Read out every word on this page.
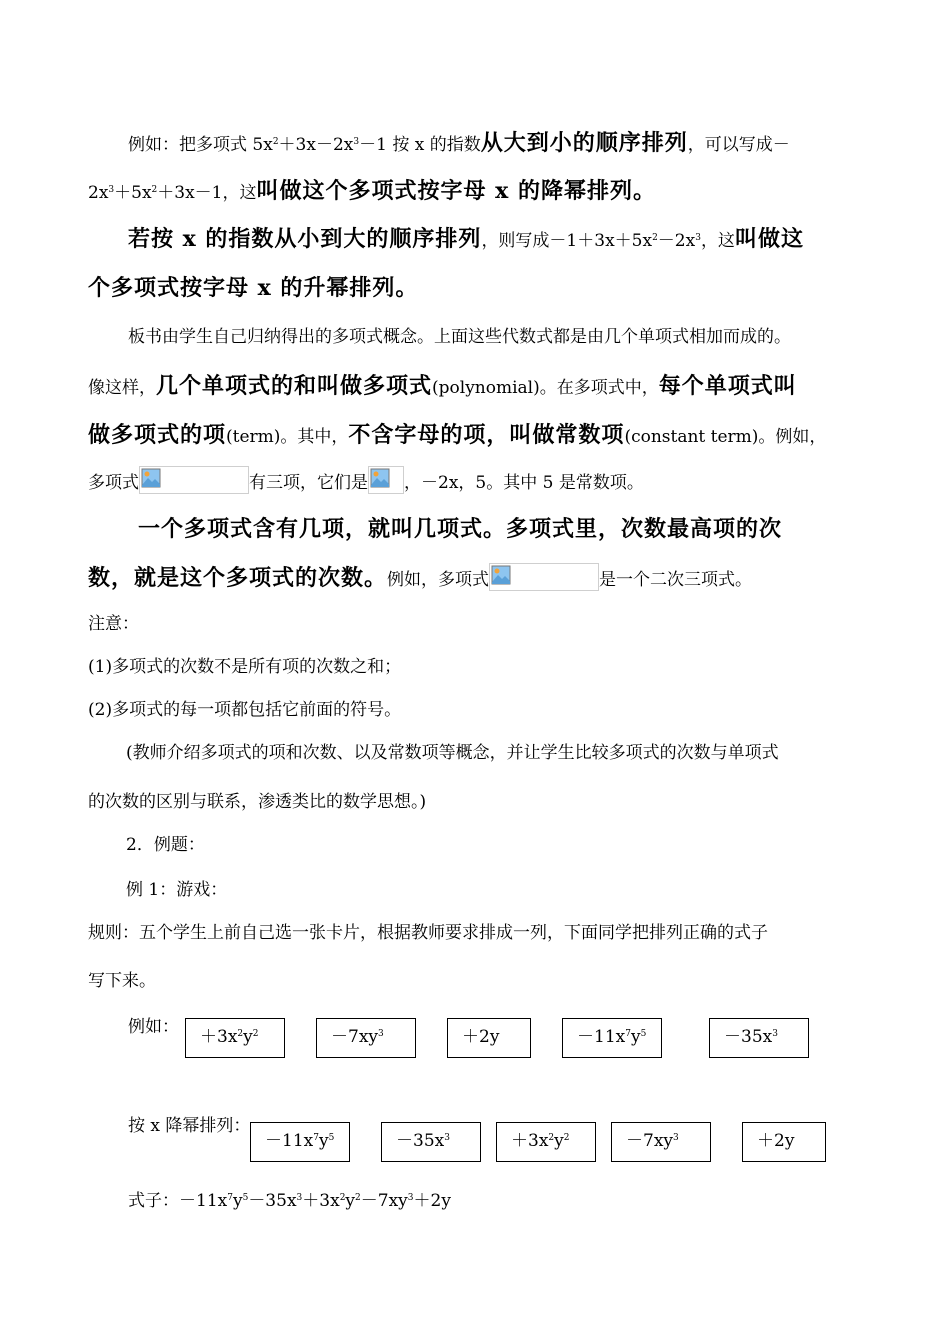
例如：把多项式 $5x^2+3x-2x^3-1$ 按 x 的指数从大到小的顺序排列，可以写成－
$2x^3+5x^2+3x-1$，这叫做这个多项式按字母 x 的降幂排列。
若按 x 的指数从小到大的顺序排列，则写成$-1+3x+5x^2-2x^3$，这叫做这
个多项式按字母 x 的升幂排列。
板书由学生自己归纳得出的多项式概念。上面这些代数式都是由几个单项式相加而成的。
像这样，几个单项式的和叫做多项式(polynomial)。在多项式中，每个单项式叫
做多项式的项(term)。其中，不含字母的项，叫做常数项(constant term)。例如，
多项式	有三项，它们是 ，－2x，5。其中 5 是常数项。
一个多项式含有几项，就叫几项式。多项式里，次数最高项的次
数，就是这个多项式的次数。例如，多项式	是一个二次三项式。
注意：
(1)多项式的次数不是所有项的次数之和；
(2)多项式的每一项都包括它前面的符号。
(教师介绍多项式的项和次数、以及常数项等概念，并让学生比较多项式的次数与单项式
的次数的区别与联系，渗透类比的数学思想。)
2．例题：
例 1：游戏：
规则：五个学生上前自己选一张卡片，根据教师要求排成一列，下面同学把排列正确的式子
写下来。
例如：	$+3x^2y^2$	$-7xy^3$	＋2y	$-11x^7y^5$	$-35x^3$
按 x 降幂排列：
$-11x^7y^5$	$-35x^3$	$+3x^2y^2$	$-7xy^3$	＋2y
式子：$-11x^7y^5-35x^3+3x^2y^2-7xy^3+2y$
